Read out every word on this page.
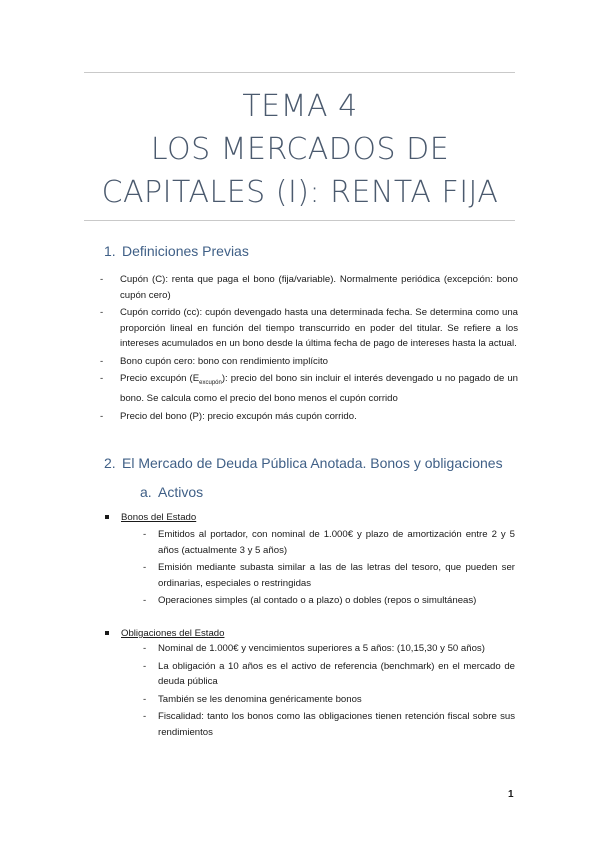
TEMA 4
LOS MERCADOS DE
CAPITALES (I): RENTA FIJA
1. Definiciones Previas
- Cupón (C): renta que paga el bono (fija/variable). Normalmente periódica (excepción: bono cupón cero)
- Cupón corrido (cc): cupón devengado hasta una determinada fecha. Se determina como una proporción lineal en función del tiempo transcurrido en poder del titular. Se refiere a los intereses acumulados en un bono desde la última fecha de pago de intereses hasta la actual.
- Bono cupón cero: bono con rendimiento implícito
- Precio excupón $(E_{excupón})$: precio del bono sin incluir el interés devengado u no pagado de un bono. Se calcula como el precio del bono menos el cupón corrido
- Precio del bono (P): precio excupón más cupón corrido.
2. El Mercado de Deuda Pública Anotada. Bonos y obligaciones
a. Activos
Bonos del Estado
- Emitidos al portador, con nominal de 1.000€ y plazo de amortización entre 2 y 5 años (actualmente 3 y 5 años)
- Emisión mediante subasta similar a las de las letras del tesoro, que pueden ser ordinarias, especiales o restringidas
- Operaciones simples (al contado o a plazo) o dobles (repos o simultáneas)
Obligaciones del Estado
- Nominal de 1.000€ y vencimientos superiores a 5 años: (10,15,30 y 50 años)
- La obligación a 10 años es el activo de referencia (benchmark) en el mercado de deuda pública
- También se les denomina genéricamente bonos
- Fiscalidad: tanto los bonos como las obligaciones tienen retención fiscal sobre sus rendimientos
1
